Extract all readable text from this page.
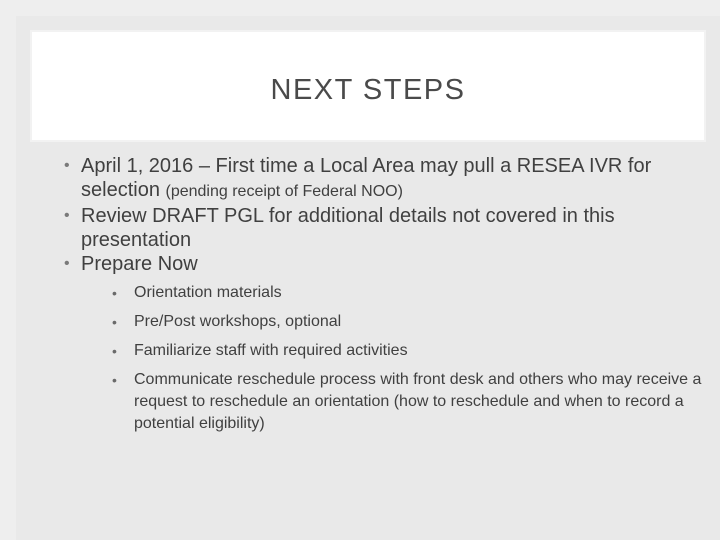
NEXT STEPS
• April 1, 2016 – First time a Local Area may pull a RESEA IVR for selection (pending receipt of Federal NOO)
• Review DRAFT PGL for additional details not covered in this presentation
• Prepare Now
• Orientation materials
• Pre/Post workshops, optional
• Familiarize staff with required activities
• Communicate reschedule process with front desk and others who may receive a request to reschedule an orientation (how to reschedule and when to record a potential eligibility)
